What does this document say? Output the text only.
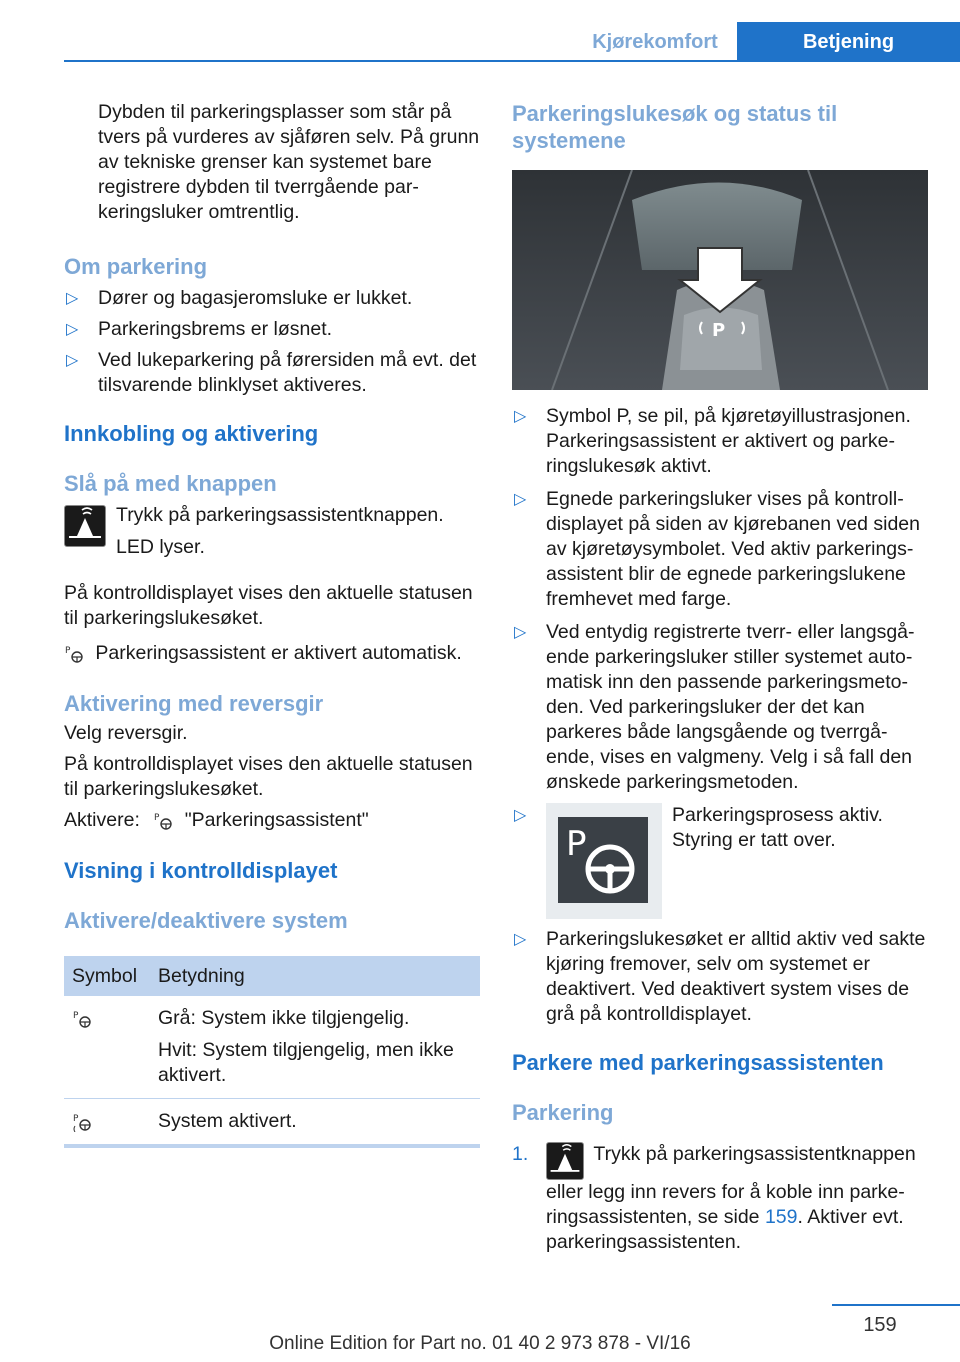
Kjørekomfort	Betjening

Dybden til parkeringsplasser som står på tvers på vurderes av sjåføren selv. På grunn av tekniske grenser kan systemet bare registrere dybden til tverrgående parkeringsluker omtrentlig.

Om parkering
▷ Dører og bagasjeromsluke er lukket.
▷ Parkeringsbrems er løsnet.
▷ Ved lukeparkering på førersiden må evt. det tilsvarende blinklyset aktiveres.
Innkobling og aktivering
Slå på med knappen

Trykk på parkeringsassistentknappen.

LED lyser.

På kontrolldisplayet vises den aktuelle statusen til parkeringslukesøket.

P Parkeringsassistent er aktivert automatisk.

Aktivering med reversgir

Velg reversgir.

På kontrolldisplayet vises den aktuelle statusen til parkeringslukesøket.

Aktivere: P "Parkeringsassistent"

Visning i kontrolldisplayet
Aktivere/deaktivere system
Symbol	Betydning

P	Grå: System ikke tilgjengelig.
Hvit: System tilgjengelig, men ikke aktivert.

P	System aktivert.
Parkeringslukesøk og status til systemene
P
▷ Symbol P, se pil, på kjøretøyillustrasjonen. Parkeringsassistent er aktivert og parkeringslukesøk aktivt.
▷ Egnede parkeringsluker vises på kontrolldisplayet på siden av kjørebanen ved siden av kjøretøysymbolet. Ved aktiv parkeringsassistent blir de egnede parkeringslukene fremhevet med farge.
▷ Ved entydig registrerte tverr- eller langsgående parkeringsluker stiller systemet automatisk inn den passende parkeringsmetoden. Ved parkeringsluker der det kan parkeres både langsgående og tverrgående, vises en valgmeny. Velg i så fall den ønskede parkeringsmetoden.
▷
P
Parkeringsprosess aktiv. Styring er tatt over.
▷ Parkeringslukesøket er alltid aktiv ved sakte kjøring fremover, selv om systemet er deaktivert. Ved deaktivert system vises de grå på kontrolldisplayet.
Parkere med parkeringsassistenten
Parkering
1.	Trykk på parkeringsassistentknappen eller legg inn revers for å koble inn parkeringsassistenten, se side 159. Aktiver evt. parkeringsassistenten.
159
Online Edition for Part no. 01 40 2 973 878 - VI/16
